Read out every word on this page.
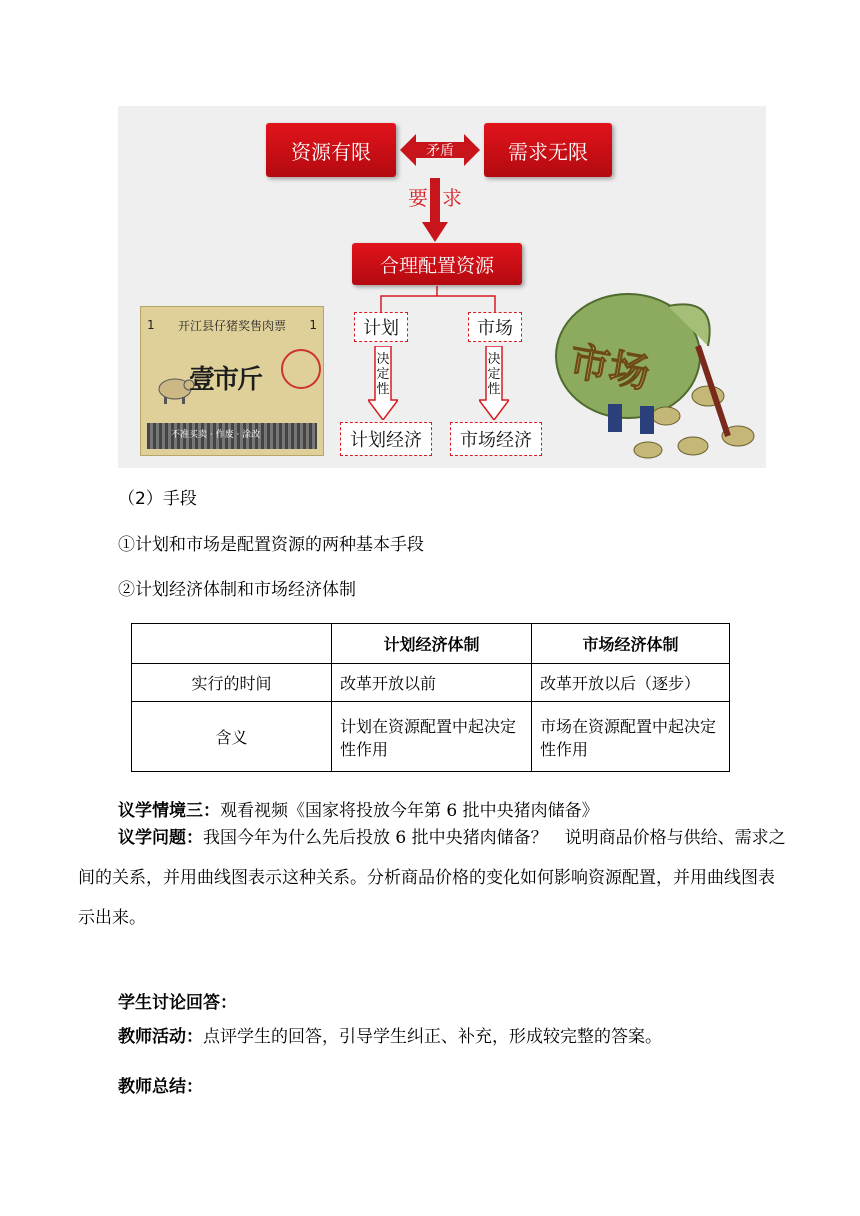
资源有限	需求无限
矛盾
要 求
合理配置资源
计划	市场
决定性
决定性
计划经济	市场经济
1 开江县仔猪奖售肉票 1
壹市斤
不准买卖 · 作废 · 涂改
市场
（2）手段
①计划和市场是配置资源的两种基本手段
②计划经济体制和市场经济体制
	计划经济体制	市场经济体制
实行的时间	改革开放以前	改革开放以后（逐步）
含义	计划在资源配置中起决定性作用	市场在资源配置中起决定性作用
议学情境三：观看视频《国家将投放今年第 6 批中央猪肉储备》
议学问题：我国今年为什么先后投放 6 批中央猪肉储备？　说明商品价格与供给、需求之间的关系，并用曲线图表示这种关系。分析商品价格的变化如何影响资源配置，并用曲线图表示出来。
学生讨论回答：
教师活动：点评学生的回答，引导学生纠正、补充，形成较完整的答案。
教师总结：
